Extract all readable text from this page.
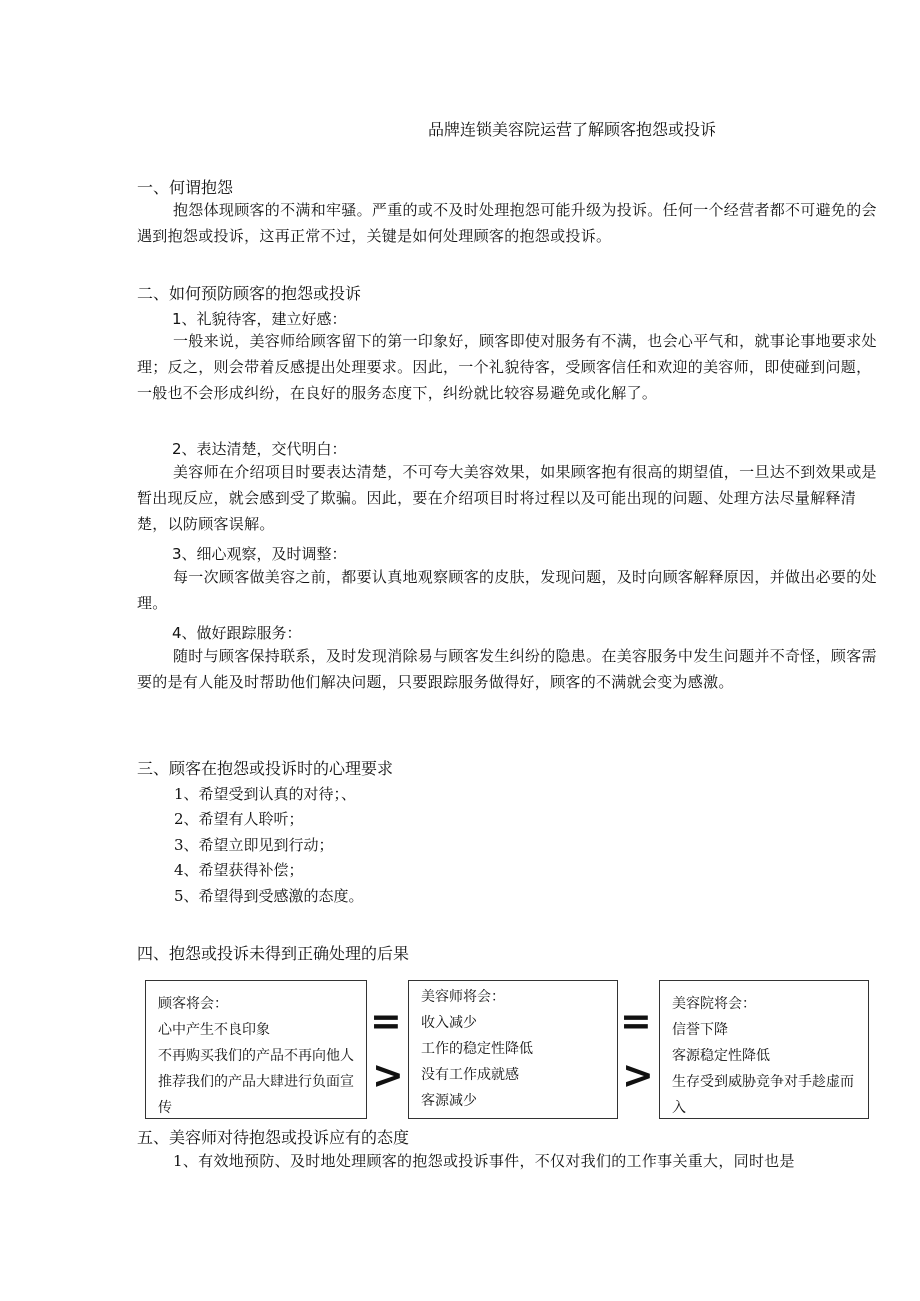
品牌连锁美容院运营了解顾客抱怨或投诉
一、何谓抱怨

抱怨体现顾客的不满和牢骚。严重的或不及时处理抱怨可能升级为投诉。任何一个经营者都不可避免的会遇到抱怨或投诉，这再正常不过，关键是如何处理顾客的抱怨或投诉。

二、如何预防顾客的抱怨或投诉
1、礼貌待客，建立好感：

一般来说，美容师给顾客留下的第一印象好，顾客即使对服务有不满，也会心平气和，就事论事地要求处理；反之，则会带着反感提出处理要求。因此，一个礼貌待客，受顾客信任和欢迎的美容师，即使碰到问题，一般也不会形成纠纷，在良好的服务态度下，纠纷就比较容易避免或化解了。

2、表达清楚，交代明白：

美容师在介绍项目时要表达清楚，不可夸大美容效果，如果顾客抱有很高的期望值，一旦达不到效果或是暂出现反应，就会感到受了欺骗。因此，要在介绍项目时将过程以及可能出现的问题、处理方法尽量解释清楚，以防顾客误解。

3、细心观察，及时调整：

每一次顾客做美容之前，都要认真地观察顾客的皮肤，发现问题，及时向顾客解释原因，并做出必要的处理。

4、做好跟踪服务：

随时与顾客保持联系，及时发现消除易与顾客发生纠纷的隐患。在美容服务中发生问题并不奇怪，顾客需要的是有人能及时帮助他们解决问题，只要跟踪服务做得好，顾客的不满就会变为感激。

三、顾客在抱怨或投诉时的心理要求

1、希望受到认真的对待；、

2、希望有人聆听；

3、希望立即见到行动；

4、希望获得补偿；

5、希望得到受感激的态度。

四、抱怨或投诉未得到正确处理的后果

顾客将会：

心中产生不良印象

不再购买我们的产品不再向他人推荐我们的产品大肆进行负面宣传

=
>

美容师将会：

收入减少

工作的稳定性降低

没有工作成就感

客源减少

=
>

美容院将会：

信誉下降

客源稳定性降低

生存受到威胁竞争对手趁虚而入

五、美容师对待抱怨或投诉应有的态度

1、有效地预防、及时地处理顾客的抱怨或投诉事件，不仅对我们的工作事关重大，同时也是
